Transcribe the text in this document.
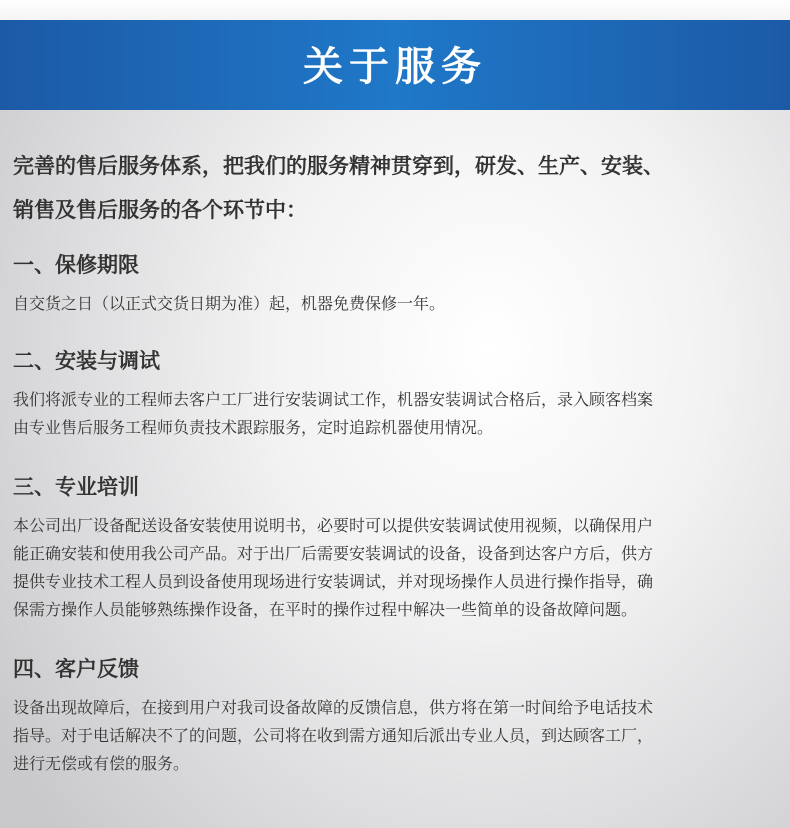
关于服务
完善的售后服务体系，把我们的服务精神贯穿到，研发、生产、安装、
销售及售后服务的各个环节中：
一、保修期限
自交货之日（以正式交货日期为准）起，机器免费保修一年。
二、安装与调试
我们将派专业的工程师去客户工厂进行安装调试工作，机器安装调试合格后，录入顾客档案
由专业售后服务工程师负责技术跟踪服务，定时追踪机器使用情况。
三、专业培训
本公司出厂设备配送设备安装使用说明书，必要时可以提供安装调试使用视频，以确保用户
能正确安装和使用我公司产品。对于出厂后需要安装调试的设备，设备到达客户方后，供方
提供专业技术工程人员到设备使用现场进行安装调试，并对现场操作人员进行操作指导，确
保需方操作人员能够熟练操作设备，在平时的操作过程中解决一些简单的设备故障问题。
四、客户反馈
设备出现故障后，在接到用户对我司设备故障的反馈信息，供方将在第一时间给予电话技术
指导。对于电话解决不了的问题，公司将在收到需方通知后派出专业人员，到达顾客工厂，
进行无偿或有偿的服务。
